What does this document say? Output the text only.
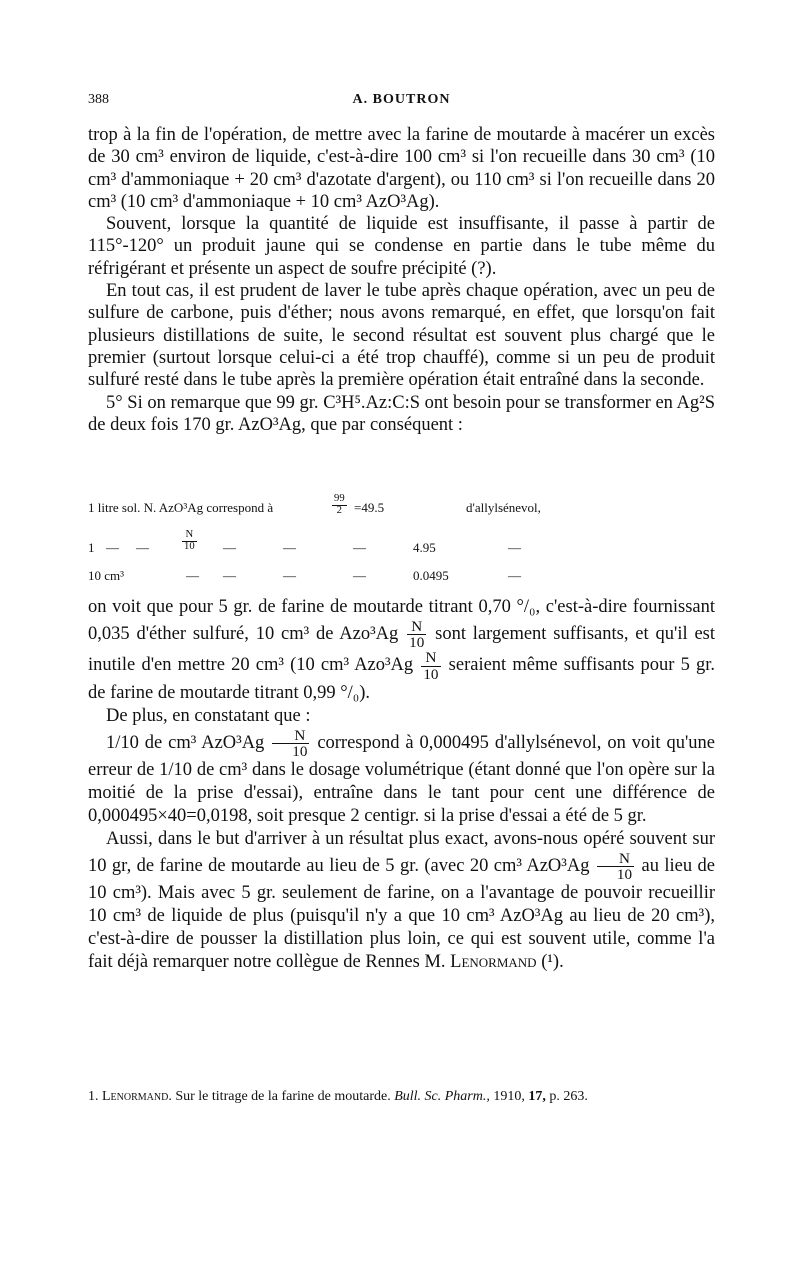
388	A. BOUTRON

trop à la fin de l'opération, de mettre avec la farine de moutarde à macérer un excès de 30 cm³ environ de liquide, c'est-à-dire 100 cm³ si l'on recueille dans 30 cm³ (10 cm³ d'ammoniaque + 20 cm³ d'azotate d'argent), ou 110 cm³ si l'on recueille dans 20 cm³ (10 cm³ d'ammoniaque + 10 cm³ AzO³Ag).

Souvent, lorsque la quantité de liquide est insuffisante, il passe à partir de 115°-120° un produit jaune qui se condense en partie dans le tube même du réfrigérant et présente un aspect de soufre précipité (?).

En tout cas, il est prudent de laver le tube après chaque opération, avec un peu de sulfure de carbone, puis d'éther; nous avons remarqué, en effet, que lorsqu'on fait plusieurs distillations de suite, le second résultat est souvent plus chargé que le premier (surtout lorsque celui-ci a été trop chauffé), comme si un peu de produit sulfuré resté dans le tube après la première opération était entraîné dans la seconde.

5° Si on remarque que 99 gr. C³H⁵.Az:C:S ont besoin pour se transformer en Ag²S de deux fois 170 gr. AzO³Ag, que par conséquent :

1 litre sol. N. AzO³Ag correspond à	$\frac{99}{2} =49.5$	d'allylsénevol,
1 — —	$\frac{N}{10}$ —	—	—	4.95	—
10 cm³	— —	—	—	0.0495	—

on voit que pour 5 gr. de farine de moutarde titrant 0,70 °/₀, c'est-à-dire fournissant 0,035 d'éther sulfuré, 10 cm³ de $Azo^3Ag \frac{N}{10}$ sont largement suffisants, et qu'il est inutile d'en mettre 20 cm³ (10 cm³ $Azo^3Ag \frac{N}{10}$ seraient même suffisants pour 5 gr. de farine de moutarde titrant 0,99 °/₀).

De plus, en constatant que :

1/10 de cm³ $AzO^3Ag \frac{N}{10}$ correspond à 0,000495 d'allylsénevol, on voit qu'une erreur de 1/10 de cm³ dans le dosage volumétrique (étant donné que l'on opère sur la moitié de la prise d'essai), entraîne dans le tant pour cent une différence de 0,000495×40=0,0198, soit presque 2 centigr. si la prise d'essai a été de 5 gr.

Aussi, dans le but d'arriver à un résultat plus exact, avons-nous opéré souvent sur 10 gr, de farine de moutarde au lieu de 5 gr. (avec 20 cm³ $AzO^3Ag \frac{N}{10}$ au lieu de 10 cm³). Mais avec 5 gr. seulement de farine, on a l'avantage de pouvoir recueillir 10 cm³ de liquide de plus (puisqu'il n'y a que 10 cm³ AzO³Ag au lieu de 20 cm³), c'est-à-dire de pousser la distillation plus loin, ce qui est souvent utile, comme l'a fait déjà remarquer notre collègue de Rennes M. Lenormand (¹).

1. Lenormand. Sur le titrage de la farine de moutarde. Bull. Sc. Pharm., 1910, 17, p. 263.
